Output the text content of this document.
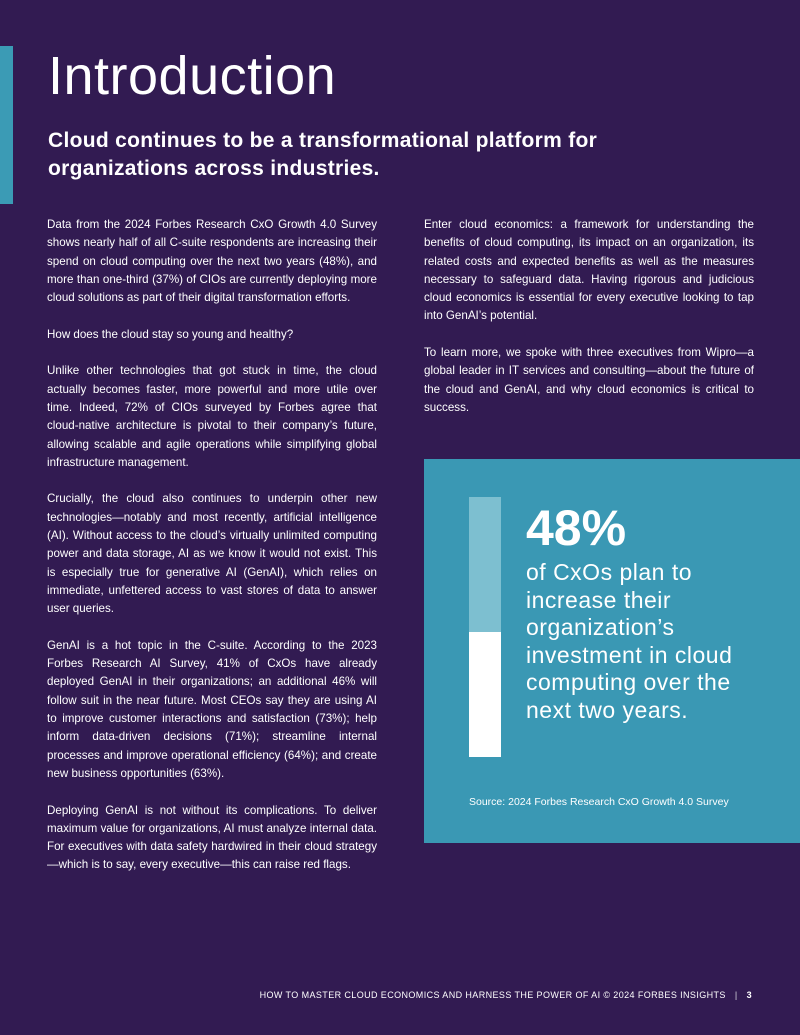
Introduction
Cloud continues to be a transformational platform for organizations across industries.

Data from the 2024 Forbes Research CxO Growth 4.0 Survey shows nearly half of all C-suite respondents are increasing their spend on cloud computing over the next two years (48%), and more than one-third (37%) of CIOs are currently deploying more cloud solutions as part of their digital transformation efforts.

How does the cloud stay so young and healthy?

Unlike other technologies that got stuck in time, the cloud actually becomes faster, more powerful and more utile over time. Indeed, 72% of CIOs surveyed by Forbes agree that cloud-native architecture is pivotal to their company’s future, allowing scalable and agile operations while simplifying global infrastructure management.

Crucially, the cloud also continues to underpin other new technologies—notably and most recently, artificial intelligence (AI). Without access to the cloud’s virtually unlimited computing power and data storage, AI as we know it would not exist. This is especially true for generative AI (GenAI), which relies on immediate, unfettered access to vast stores of data to answer user queries.

GenAI is a hot topic in the C-suite. According to the 2023 Forbes Research AI Survey, 41% of CxOs have already deployed GenAI in their organizations; an additional 46% will follow suit in the near future. Most CEOs say they are using AI to improve customer interactions and satisfaction (73%); help inform data-driven decisions (71%); streamline internal processes and improve operational efficiency (64%); and create new business opportunities (63%).

Deploying GenAI is not without its complications. To deliver maximum value for organizations, AI must analyze internal data. For executives with data safety hardwired in their cloud strategy—which is to say, every executive—this can raise red flags.

Enter cloud economics: a framework for understanding the benefits of cloud computing, its impact on an organization, its related costs and expected benefits as well as the measures necessary to safeguard data. Having rigorous and judicious cloud economics is essential for every executive looking to tap into GenAI’s potential.

To learn more, we spoke with three executives from Wipro—a global leader in IT services and consulting—about the future of the cloud and GenAI, and why cloud economics is critical to success.

48%
of CxOs plan to increase their organization’s investment in cloud computing over the next two years.
Source: 2024 Forbes Research CxO Growth 4.0 Survey
HOW TO MASTER CLOUD ECONOMICS AND HARNESS THE POWER OF AI © 2024 FORBES INSIGHTS | 3
